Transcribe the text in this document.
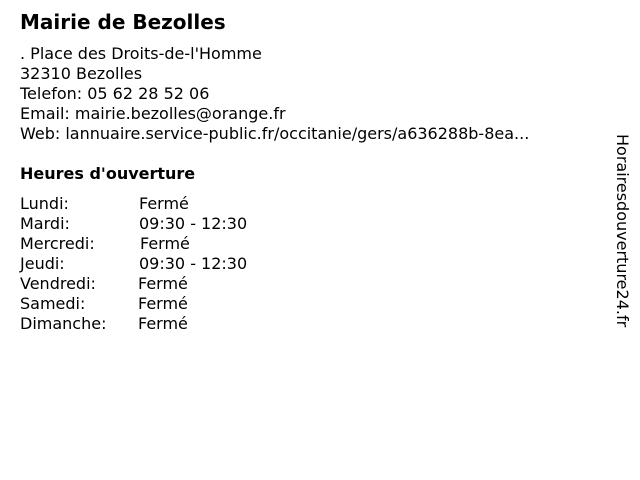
Mairie de Bezolles
. Place des Droits-de-l'Homme
32310 Bezolles
Telefon: 05 62 28 52 06
Email: mairie.bezolles@orange.fr
Web: lannuaire.service-public.fr/occitanie/gers/a636288b-8ea...
Heures d'ouverture
Lundi:	Fermé
Mardi:	09:30 - 12:30
Mercredi:	Fermé
Jeudi:	09:30 - 12:30
Vendredi:	Fermé
Samedi:	Fermé
Dimanche: Fermé	Horairesdouverture24.fr
